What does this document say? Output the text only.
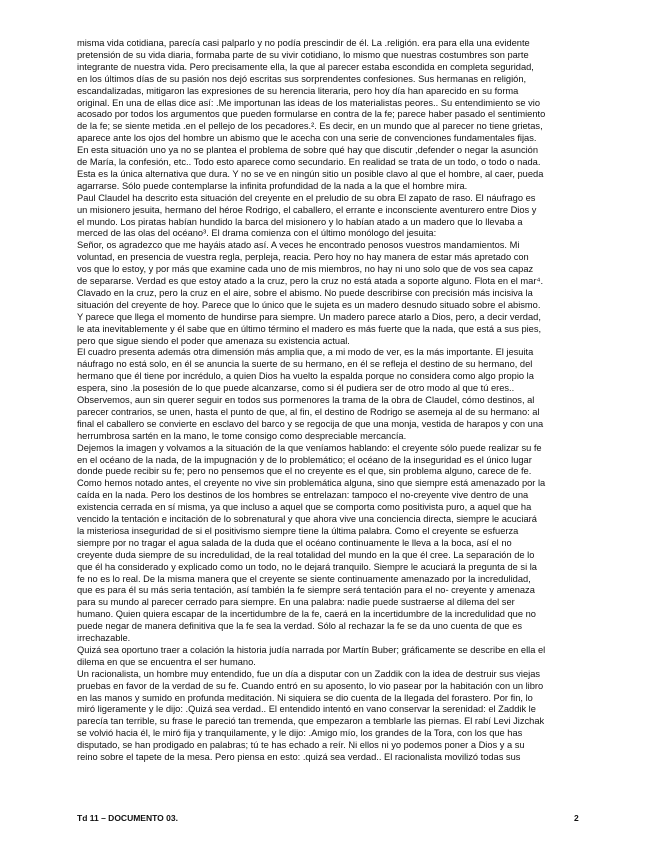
misma vida cotidiana, parecía casi palparlo y no podía prescindir de él. La .religión. era para ella una evidente
pretensión de su vida diaria, formaba parte de su vivir cotidiano, lo mismo que nuestras costumbres son parte
integrante de nuestra vida. Pero precisamente ella, la que al parecer estaba escondida en completa seguridad,
en los últimos días de su pasión nos dejó escritas sus sorprendentes confesiones. Sus hermanas en religión,
escandalizadas, mitigaron las expresiones de su herencia literaria, pero hoy día han aparecido en su forma
original. En una de ellas dice así: .Me importunan las ideas de los materialistas peores.. Su entendimiento se vio
acosado por todos los argumentos que pueden formularse en contra de la fe; parece haber pasado el sentimiento
de la fe; se siente metida .en el pellejo de los pecadores.². Es decir, en un mundo que al parecer no tiene grietas,
aparece ante los ojos del hombre un abismo que le acecha con una serie de convenciones fundamentales fijas.
En esta situación uno ya no se plantea el problema de sobre qué hay que discutir ,defender o negar la asunción
de María, la confesión, etc.. Todo esto aparece como secundario. En realidad se trata de un todo, o todo o nada.
Esta es la única alternativa que dura. Y no se ve en ningún sitio un posible clavo al que el hombre, al caer, pueda
agarrarse. Sólo puede contemplarse la infinita profundidad de la nada a la que el hombre mira.
Paul Claudel ha descrito esta situación del creyente en el preludio de su obra El zapato de raso. El náufrago es
un misionero jesuita, hermano del héroe Rodrigo, el caballero, el errante e inconsciente aventurero entre Dios y
el mundo. Los piratas habían hundido la barca del misionero y lo habían atado a un madero que lo llevaba a
merced de las olas del océano³. El drama comienza con el último monólogo del jesuita:
Señor, os agradezco que me hayáis atado así. A veces he encontrado penosos vuestros mandamientos. Mi
voluntad, en presencia de vuestra regla, perpleja, reacia. Pero hoy no hay manera de estar más apretado con
vos que lo estoy, y por más que examine cada uno de mis miembros, no hay ni uno solo que de vos sea capaz
de separarse. Verdad es que estoy atado a la cruz, pero la cruz no está atada a soporte alguno. Flota en el mar⁴.
Clavado en la cruz, pero la cruz en el aire, sobre el abismo. No puede describirse con precisión más incisiva la
situación del creyente de hoy. Parece que lo único que le sujeta es un madero desnudo situado sobre el abismo.
Y parece que llega el momento de hundirse para siempre. Un madero parece atarlo a Dios, pero, a decir verdad,
le ata inevitablemente y él sabe que en último término el madero es más fuerte que la nada, que está a sus pies,
pero que sigue siendo el poder que amenaza su existencia actual.
El cuadro presenta además otra dimensión más amplia que, a mi modo de ver, es la más importante. El jesuita
náufrago no está solo, en él se anuncia la suerte de su hermano, en él se refleja el destino de su hermano, del
hermano que él tiene por incrédulo, a quien Dios ha vuelto la espalda porque no considera como algo propio la
espera, sino .la posesión de lo que puede alcanzarse, como si él pudiera ser de otro modo al que tú eres..
Observemos, aun sin querer seguir en todos sus pormenores la trama de la obra de Claudel, cómo destinos, al
parecer contrarios, se unen, hasta el punto de que, al fin, el destino de Rodrigo se asemeja al de su hermano: al
final el caballero se convierte en esclavo del barco y se regocija de que una monja, vestida de harapos y con una
herrumbrosa sartén en la mano, le tome consigo como despreciable mercancía.
Dejemos la imagen y volvamos a la situación de la que veníamos hablando: el creyente sólo puede realizar su fe
en el océano de la nada, de la impugnación y de lo problemático; el océano de la inseguridad es el único lugar
donde puede recibir su fe; pero no pensemos que el no creyente es el que, sin problema alguno, carece de fe.
Como hemos notado antes, el creyente no vive sin problemática alguna, sino que siempre está amenazado por la
caída en la nada. Pero los destinos de los hombres se entrelazan: tampoco el no-creyente vive dentro de una
existencia cerrada en sí misma, ya que incluso a aquel que se comporta como positivista puro, a aquel que ha
vencido la tentación e incitación de lo sobrenatural y que ahora vive una conciencia directa, siempre le acuciará
la misteriosa inseguridad de si el positivismo siempre tiene la última palabra. Como el creyente se esfuerza
siempre por no tragar el agua salada de la duda que el océano continuamente le lleva a la boca, así el no
creyente duda siempre de su incredulidad, de la real totalidad del mundo en la que él cree. La separación de lo
que él ha considerado y explicado como un todo, no le dejará tranquilo. Siempre le acuciará la pregunta de si la
fe no es lo real. De la misma manera que el creyente se siente continuamente amenazado por la incredulidad,
que es para él su más seria tentación, así también la fe siempre será tentación para el no- creyente y amenaza
para su mundo al parecer cerrado para siempre. En una palabra: nadie puede sustraerse al dilema del ser
humano. Quien quiera escapar de la incertidumbre de la fe, caerá en la incertidumbre de la incredulidad que no
puede negar de manera definitiva que la fe sea la verdad. Sólo al rechazar la fe se da uno cuenta de que es
irrechazable.
Quizá sea oportuno traer a colación la historia judía narrada por Martín Buber; gráficamente se describe en ella el
dilema en que se encuentra el ser humano.
Un racionalista, un hombre muy entendido, fue un día a disputar con un Zaddik con la idea de destruir sus viejas
pruebas en favor de la verdad de su fe. Cuando entró en su aposento, lo vio pasear por la habitación con un libro
en las manos y sumido en profunda meditación. Ni siquiera se dio cuenta de la llegada del forastero. Por fin, lo
miró ligeramente y le dijo: .Quizá sea verdad.. El entendido intentó en vano conservar la serenidad: el Zaddik le
parecía tan terrible, su frase le pareció tan tremenda, que empezaron a temblarle las piernas. El rabí Levi Jizchak
se volvió hacia él, le miró fija y tranquilamente, y le dijo: .Amigo mío, los grandes de la Tora, con los que has
disputado, se han prodigado en palabras; tú te has echado a reír. Ni ellos ni yo podemos poner a Dios y a su
reino sobre el tapete de la mesa. Pero piensa en esto: .quizá sea verdad.. El racionalista movilizó todas sus
Td 11 – DOCUMENTO 03.	2
